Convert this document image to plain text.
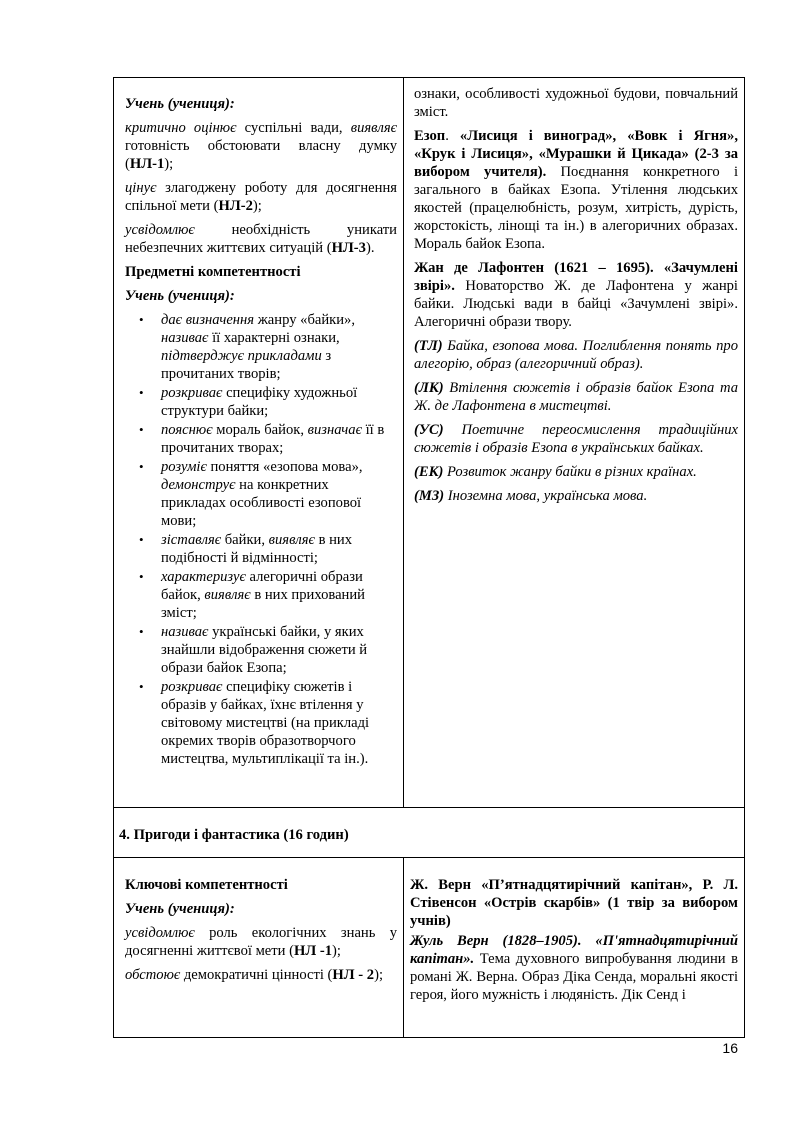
Учень (учениця):

критично оцінює суспільні вади, виявляє готовність обстоювати власну думку (НЛ-1);

цінує злагоджену роботу для досягнення спільної мети (НЛ-2);

усвідомлює необхідність уникати небезпечних життєвих ситуацій (НЛ-3).

Предметні компетентності

Учень (учениця):

• дає визначення жанру «байки», називає її характерні ознаки, підтверджує прикладами з прочитаних творів;
• розкриває специфіку художньої структури байки;
• пояснює мораль байок, визначає її в прочитаних творах;
• розуміє поняття «езопова мова», демонструє на конкретних прикладах особливості езопової мови;
• зіставляє байки, виявляє в них подібності й відмінності;
• характеризує алегоричні образи байок, виявляє в них прихований зміст;
• називає українські байки, у яких знайшли відображення сюжети й образи байок Езопа;
• розкриває специфіку сюжетів і образів у байках, їхнє втілення у світовому мистецтві (на прикладі окремих творів образотворчого мистецтва, мультиплікації та ін.).

ознаки, особливості художньої будови, повчальний зміст.

Езоп. «Лисиця і виноград», «Вовк і Ягня», «Крук і Лисиця», «Мурашки й Цикада» (2-3 за вибором учителя). Поєднання конкретного і загального в байках Езопа. Утілення людських якостей (працелюбність, розум, хитрість, дурість, жорстокість, лінощі та ін.) в алегоричних образах. Мораль байок Езопа.

Жан де Лафонтен (1621 – 1695). «Зачумлені звірі». Новаторство Ж. де Лафонтена у жанрі байки. Людські вади в байці «Зачумлені звірі». Алегоричні образи твору.

(ТЛ) Байка, езопова мова. Поглиблення понять про алегорію, образ (алегоричний образ).

(ЛК) Втілення сюжетів і образів байок Езопа та Ж. де Лафонтена в мистецтві.

(УС) Поетичне переосмислення традиційних сюжетів і образів Езопа в українських байках.

(ЕК) Розвиток жанру байки в різних країнах.

(МЗ) Іноземна мова, українська мова.

4. Пригоди і фантастика (16 годин)

Ключові компетентності

Учень (учениця):

усвідомлює роль екологічних знань у досягненні життєвої мети (НЛ -1);

обстоює демократичні цінності (НЛ - 2);

Ж. Верн «П’ятнадцятирічний капітан», Р. Л. Стівенсон «Острів скарбів» (1 твір за вибором учнів)

Жуль Верн (1828–1905). «П'ятнадцятирічний капітан». Тема духовного випробування людини в романі Ж. Верна. Образ Діка Сенда, моральні якості героя, його мужність і людяність. Дік Сенд і

16
